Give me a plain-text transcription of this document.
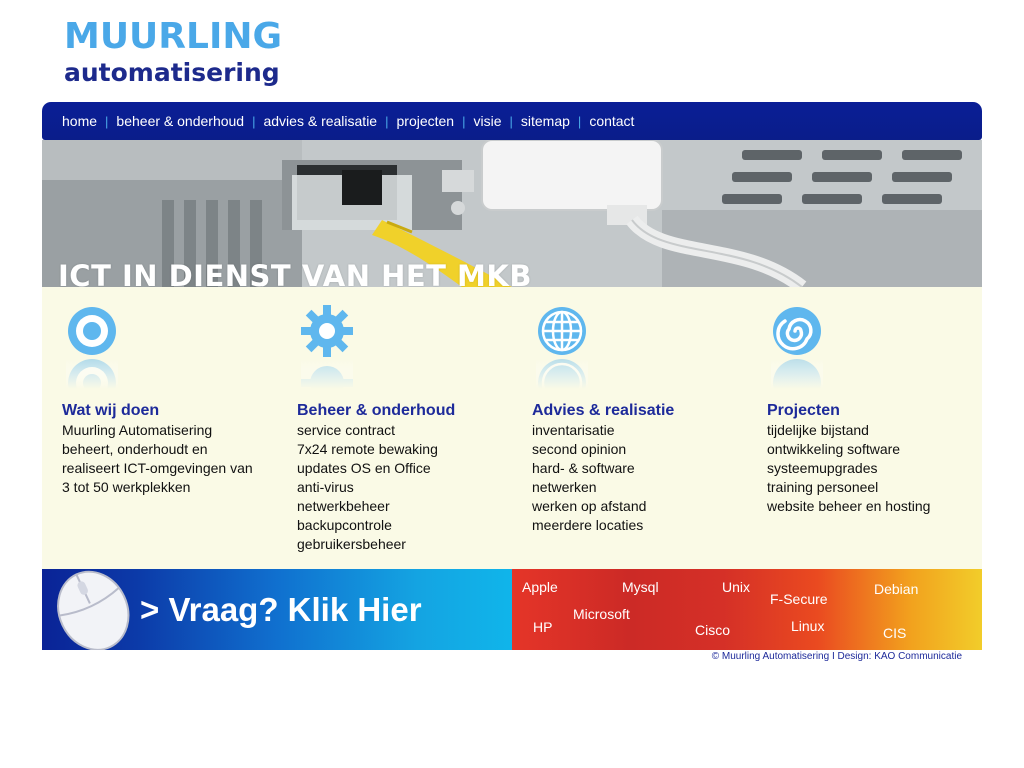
MUURLING
automatisering
home | beheer & onderhoud | advies & realisatie | projecten | visie | sitemap | contact
ICT IN DIENST VAN HET MKB
Wat wij doen
Muurling Automatisering
beheert, onderhoudt en
realiseert ICT-omgevingen van
3 tot 50 werkplekken
Beheer & onderhoud
service contract
7x24 remote bewaking
updates OS en Office
anti-virus
netwerkbeheer
backupcontrole
gebruikersbeheer
Advies & realisatie
inventarisatie
second opinion
hard- & software
netwerken
werken op afstand
meerdere locaties
Projecten
tijdelijke bijstand
ontwikkeling software
systeemupgrades
training personeel
website beheer en hosting
> Vraag? Klik Hier
Apple	Mysql	Unix
F-Secure
Debian
Microsoft
HP	Cisco	Linux	CIS
© Muurling Automatisering I Design: KAO Communicatie
